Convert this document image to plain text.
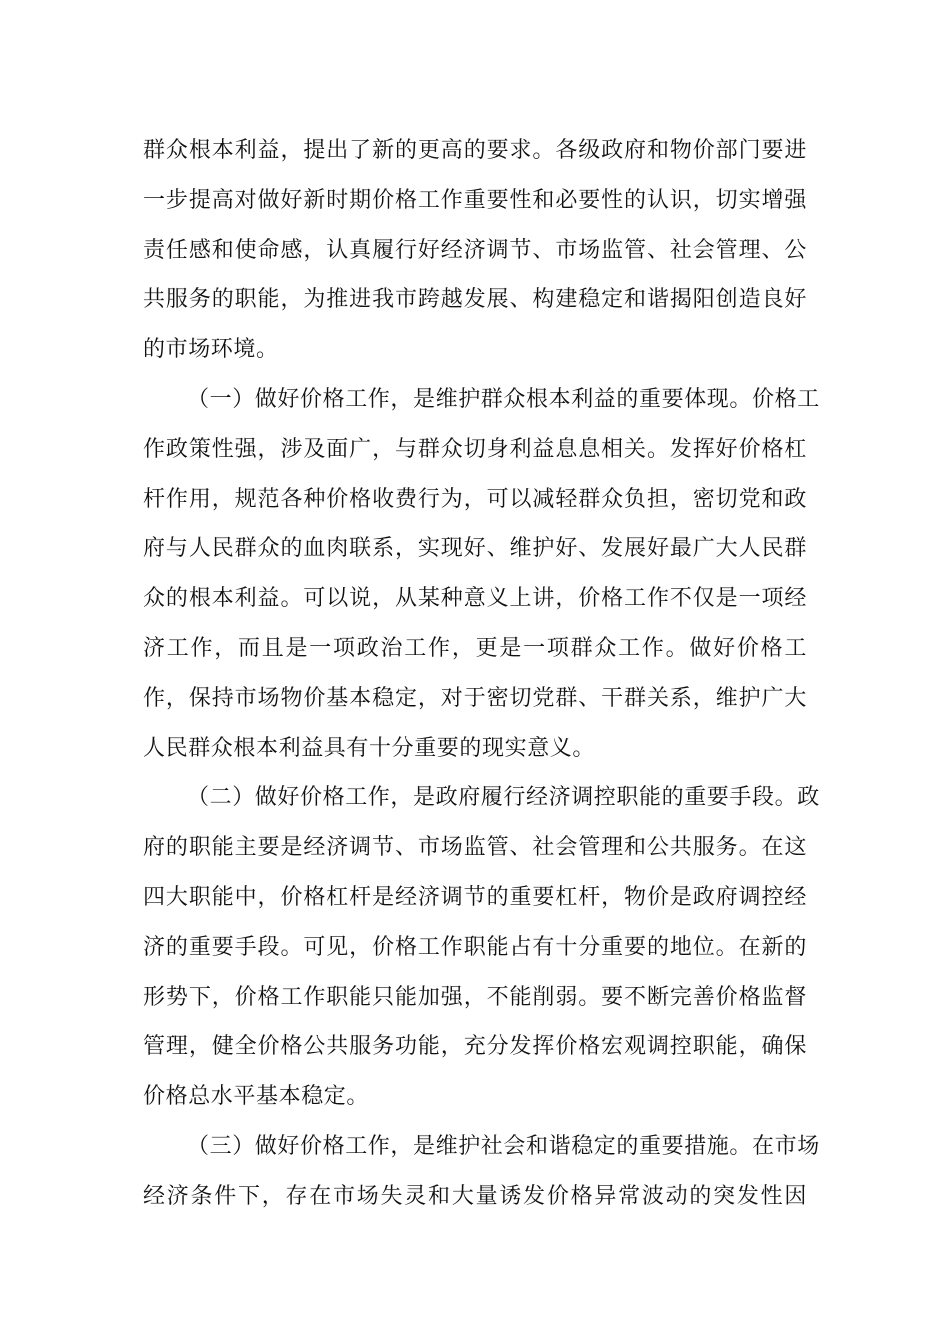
群众根本利益，提出了新的更高的要求。各级政府和物价部门要进
一步提高对做好新时期价格工作重要性和必要性的认识，切实增强
责任感和使命感，认真履行好经济调节、市场监管、社会管理、公
共服务的职能，为推进我市跨越发展、构建稳定和谐揭阳创造良好
的市场环境。
（一）做好价格工作，是维护群众根本利益的重要体现。价格工
作政策性强，涉及面广，与群众切身利益息息相关。发挥好价格杠
杆作用，规范各种价格收费行为，可以减轻群众负担，密切党和政
府与人民群众的血肉联系，实现好、维护好、发展好最广大人民群
众的根本利益。可以说，从某种意义上讲，价格工作不仅是一项经
济工作，而且是一项政治工作，更是一项群众工作。做好价格工
作，保持市场物价基本稳定，对于密切党群、干群关系，维护广大
人民群众根本利益具有十分重要的现实意义。
（二）做好价格工作，是政府履行经济调控职能的重要手段。政
府的职能主要是经济调节、市场监管、社会管理和公共服务。在这
四大职能中，价格杠杆是经济调节的重要杠杆，物价是政府调控经
济的重要手段。可见，价格工作职能占有十分重要的地位。在新的
形势下，价格工作职能只能加强，不能削弱。要不断完善价格监督
管理，健全价格公共服务功能，充分发挥价格宏观调控职能，确保
价格总水平基本稳定。
（三）做好价格工作，是维护社会和谐稳定的重要措施。在市场
经济条件下，存在市场失灵和大量诱发价格异常波动的突发性因
